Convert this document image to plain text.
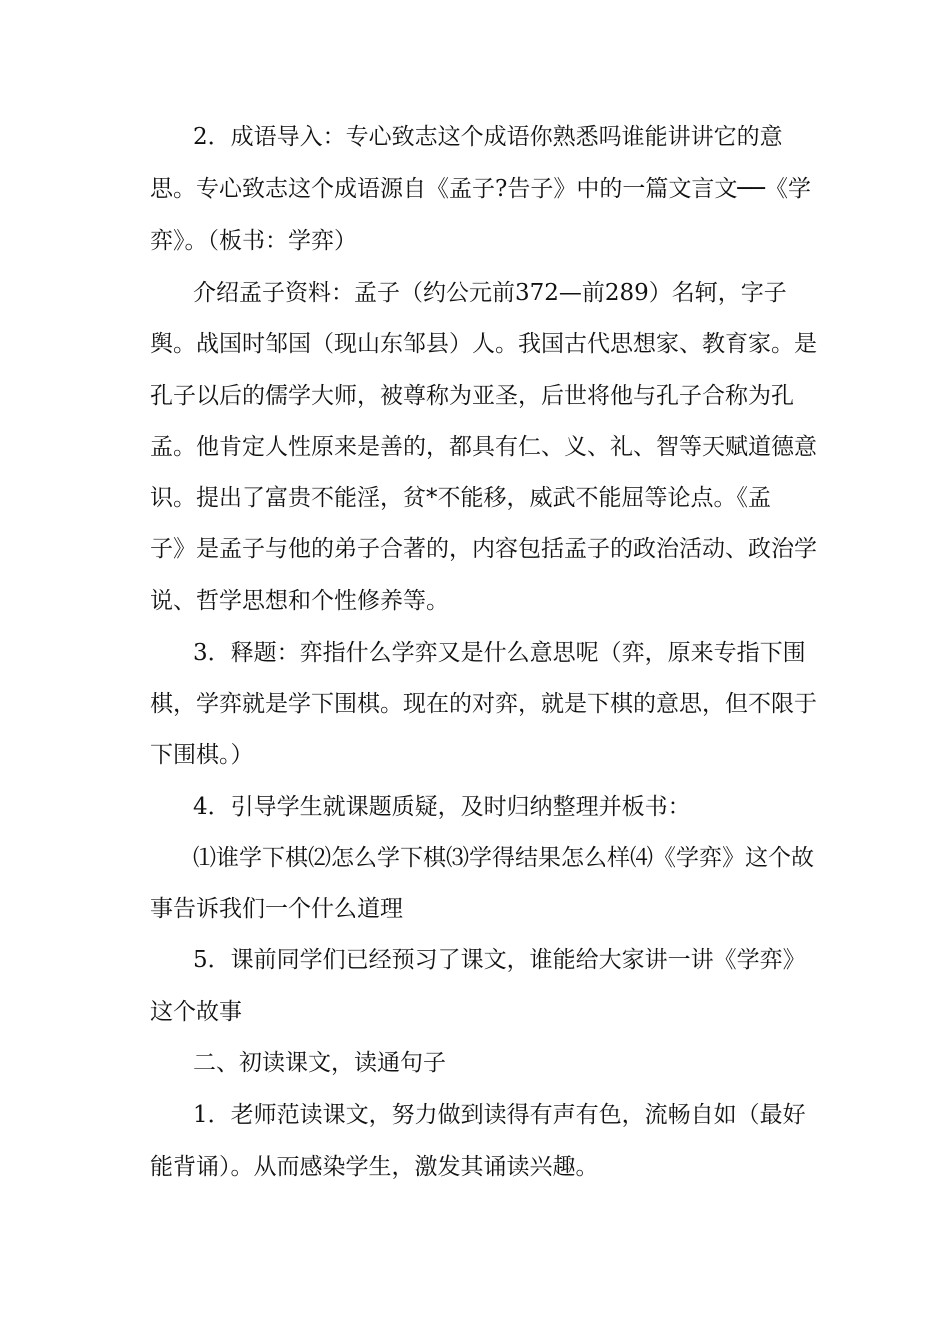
2．成语导入：专心致志这个成语你熟悉吗谁能讲讲它的意

思。专心致志这个成语源自《孟子?告子》中的一篇文言文──《学

弈》。（板书：学弈）

介绍孟子资料：孟子（约公元前372—前289）名轲，字子

舆。战国时邹国（现山东邹县）人。我国古代思想家、教育家。是

孔子以后的儒学大师，被尊称为亚圣，后世将他与孔子合称为孔

孟。他肯定人性原来是善的，都具有仁、义、礼、智等天赋道德意

识。提出了富贵不能淫，贫*不能移，威武不能屈等论点。《孟

子》是孟子与他的弟子合著的，内容包括孟子的政治活动、政治学

说、哲学思想和个性修养等。

3．释题：弈指什么学弈又是什么意思呢（弈，原来专指下围

棋，学弈就是学下围棋。现在的对弈，就是下棋的意思，但不限于

下围棋。）

4．引导学生就课题质疑，及时归纳整理并板书：

⑴谁学下棋⑵怎么学下棋⑶学得结果怎么样⑷《学弈》这个故

事告诉我们一个什么道理

5．课前同学们已经预习了课文，谁能给大家讲一讲《学弈》

这个故事

二、初读课文，读通句子

1．老师范读课文，努力做到读得有声有色，流畅自如（最好

能背诵）。从而感染学生，激发其诵读兴趣。
